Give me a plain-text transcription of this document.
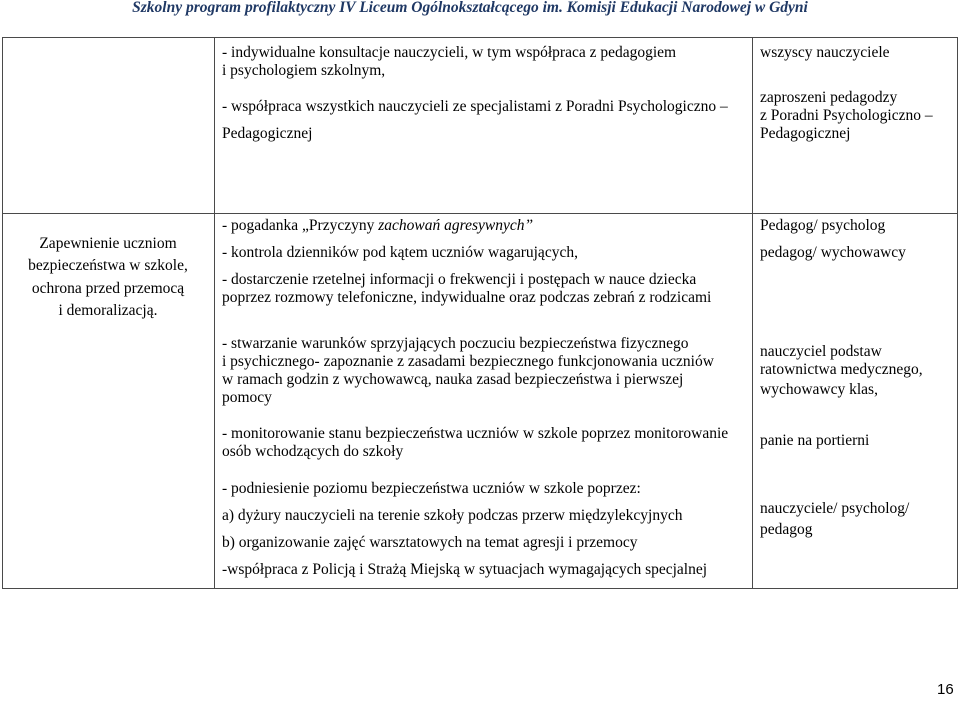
Szkolny program profilaktyczny IV Liceum Ogólnokształcącego im. Komisji Edukacji Narodowej w Gdyni
- indywidualne konsultacje nauczycieli, w tym współpraca z pedagogiem
i psychologiem szkolnym,
- współpraca wszystkich nauczycieli ze specjalistami z Poradni Psychologiczno –
Pedagogicznej
wszyscy nauczyciele
zaproszeni pedagodzy
z Poradni Psychologiczno –
Pedagogicznej
Zapewnienie uczniom
bezpieczeństwa w szkole,
ochrona przed przemocą
i demoralizacją.
- pogadanka „Przyczyny zachowań agresywnych”
- kontrola dzienników pod kątem uczniów wagarujących,
- dostarczenie rzetelnej informacji o frekwencji i postępach w nauce dziecka
poprzez rozmowy telefoniczne, indywidualne oraz podczas zebrań z rodzicami
- stwarzanie warunków sprzyjających poczuciu bezpieczeństwa fizycznego
i psychicznego- zapoznanie z zasadami bezpiecznego funkcjonowania uczniów
w ramach godzin z wychowawcą, nauka zasad bezpieczeństwa i pierwszej
pomocy
- monitorowanie stanu bezpieczeństwa uczniów w szkole poprzez monitorowanie
osób wchodzących do szkoły
- podniesienie poziomu bezpieczeństwa uczniów w szkole poprzez:
a) dyżury nauczycieli na terenie szkoły podczas przerw międzylekcyjnych
b) organizowanie zajęć warsztatowych na temat agresji i przemocy
-współpraca z Policją i Strażą Miejską w sytuacjach wymagających specjalnej
Pedagog/ psycholog
pedagog/ wychowawcy
nauczyciel podstaw
ratownictwa medycznego,
wychowawcy klas,
panie na portierni
nauczyciele/ psycholog/
pedagog
16
